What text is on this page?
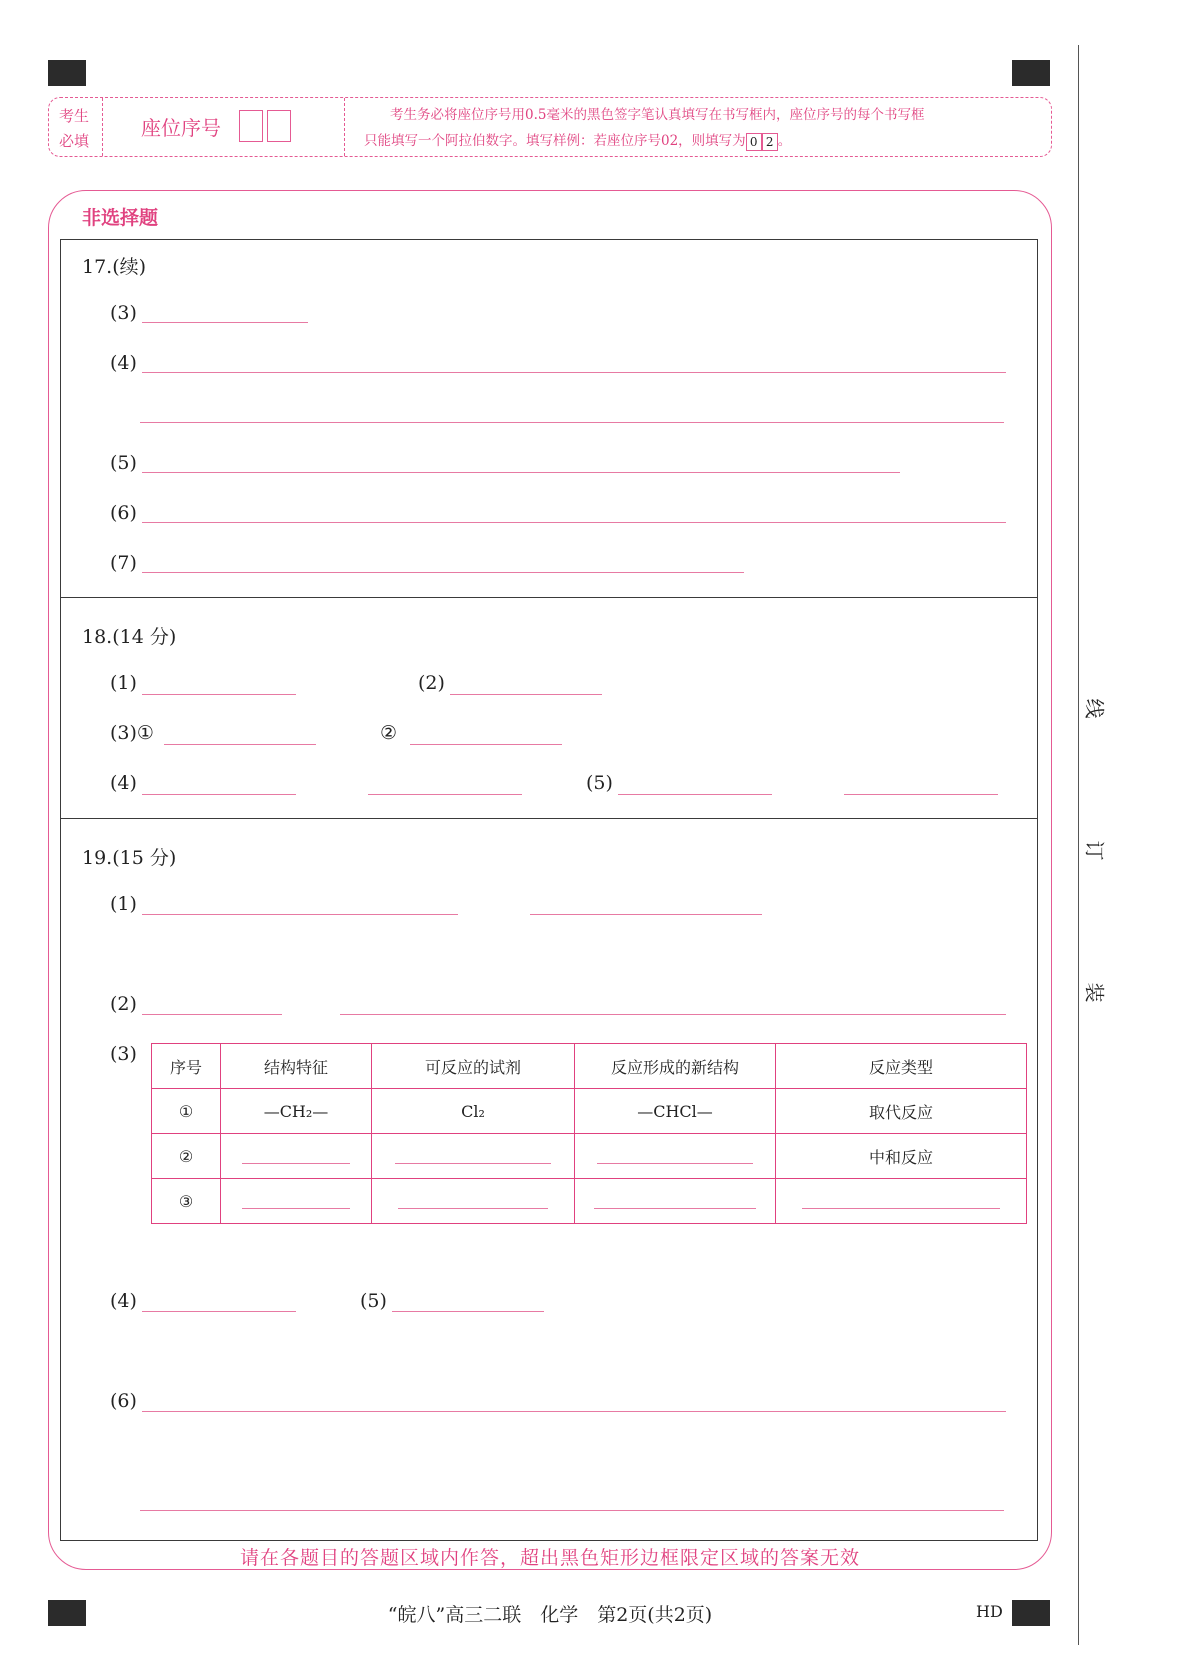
考生必填
座位序号
考生务必将座位序号用0.5毫米的黑色签字笔认真填写在书写框内，座位序号的每个书写框
只能填写一个阿拉伯数字。填写样例：若座位序号02，则填写为 0 2 。
非选择题
17.(续)
(3)
(4)
(5)
(6)
(7)
18.(14 分)
(1)	(2)
(3)①	②
(4)	(5)
19.(15 分)
(1)
(2)
(3)
序号	结构特征	可反应的试剂	反应形成的新结构	反应类型
①	—CH₂—	Cl₂	—CHCl—	取代反应
②				中和反应
③				
(4)	(5)
(6)
请在各题目的答题区域内作答，超出黑色矩形边框限定区域的答案无效
“皖八”高三二联　化学　第2页(共2页)	HD
线
订
装
